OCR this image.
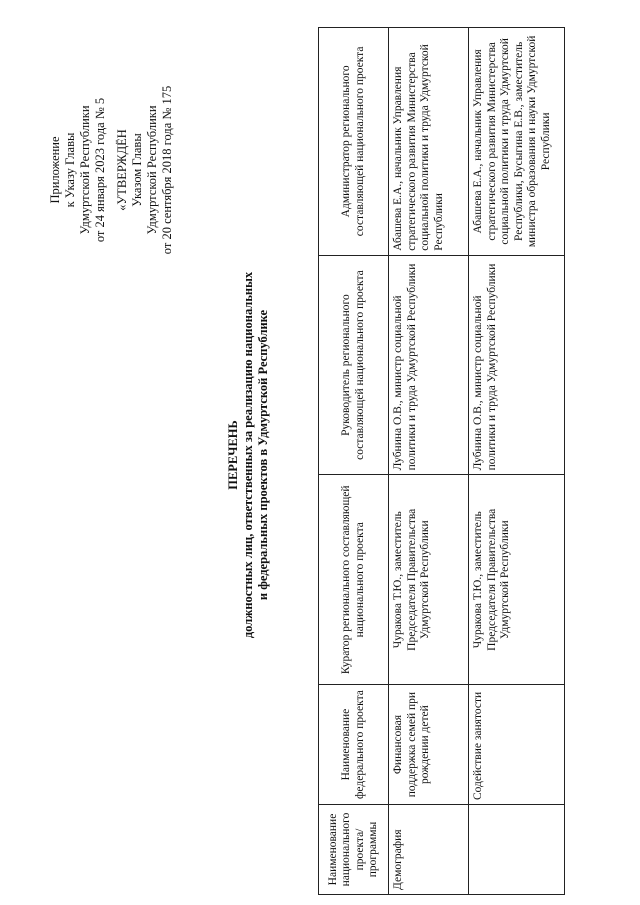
Приложение к Указу Главы Удмуртской Республики от 24 января 2023 года № 5 «УТВЕРЖДЁН Указом Главы Удмуртской Республики от 20 сентября 2018 года № 175
ПЕРЕЧЕНЬ должностных лиц, ответственных за реализацию национальных и федеральных проектов в Удмуртской Республике
Наименование национального проекта/программы	Наименование федерального проекта	Куратор регионального составляющей национального проекта	Руководитель регионального составляющей национального проекта	Администратор регионального составляющей национального проекта
Демография	Финансовая поддержка семей при рождении детей	Чуракова Т.Ю., заместитель Председателя Правительства Удмуртской Республики	Лубнина О.В., министр социальной политики и труда Удмуртской Республики	Абашева Е.А., начальник Управления стратегического развития Министерства социальной политики и труда Удмуртской Республики
	Содействие занятости	Чуракова Т.Ю., заместитель Председателя Правительства Удмуртской Республики	Лубнина О.В., министр социальной политики и труда Удмуртской Республики	Абашева Е.А., начальник Управления стратегического развития Министерства социальной политики и труда Удмуртской Республики, Бусыгина Е.В., заместитель министра образования и науки Удмуртской Республики
